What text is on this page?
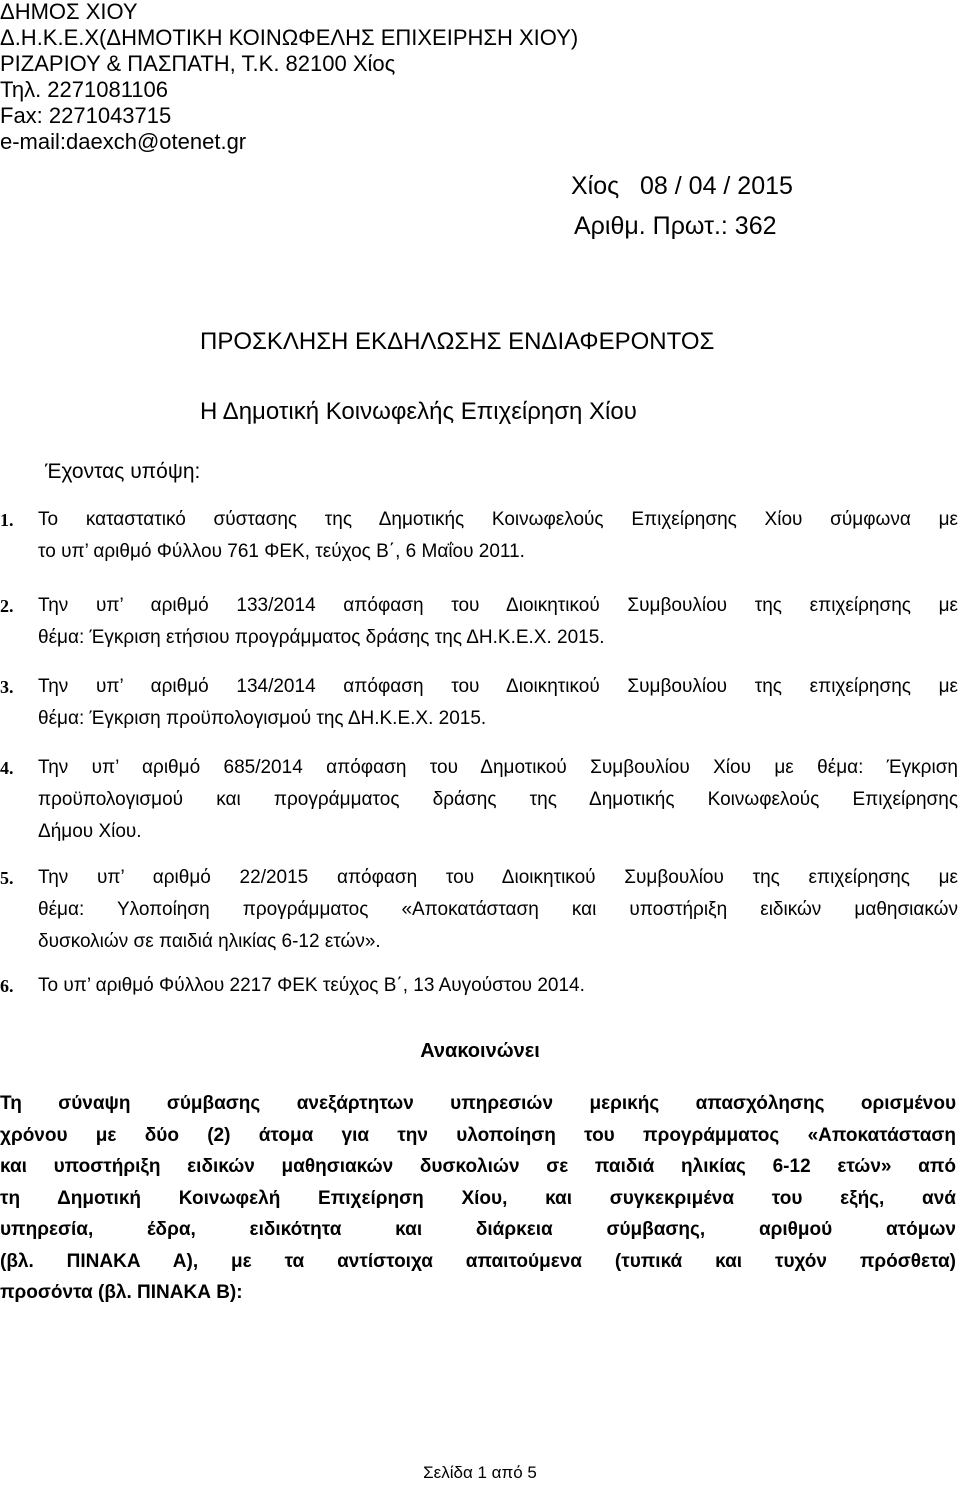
ΔΗΜΟΣ ΧΙΟΥ
Δ.Η.Κ.Ε.Χ(ΔΗΜΟΤΙΚΗ ΚΟΙΝΩΦΕΛΗΣ ΕΠΙΧΕΙΡΗΣΗ ΧΙΟΥ)
ΡΙΖΑΡΙΟΥ & ΠΑΣΠΑΤΗ, Τ.Κ. 82100 Χίος
Τηλ. 2271081106
Fax: 2271043715
e-mail:daexch@otenet.gr
Χίος   08 / 04 / 2015
Αριθμ. Πρωτ.: 362
ΠΡΟΣΚΛΗΣΗ ΕΚΔΗΛΩΣΗΣ ΕΝΔΙΑΦΕΡΟΝΤΟΣ
Η Δημοτική Κοινωφελής Επιχείρηση Χίου
Έχοντας υπόψη:
1. Το καταστατικό σύστασης της Δημοτικής Κοινωφελούς Επιχείρησης Χίου σύμφωνα με
το υπ’ αριθμό Φύλλου 761 ΦΕΚ, τεύχος Β΄, 6 Μαΐου 2011.
2. Την υπ’ αριθμό 133/2014 απόφαση του Διοικητικού Συμβουλίου της επιχείρησης με
θέμα: Έγκριση ετήσιου προγράμματος δράσης της ΔΗ.Κ.Ε.Χ. 2015.
3. Την υπ’ αριθμό 134/2014 απόφαση του Διοικητικού Συμβουλίου της επιχείρησης με
θέμα: Έγκριση προϋπολογισμού της ΔΗ.Κ.Ε.Χ. 2015.
4. Την υπ’ αριθμό 685/2014 απόφαση του Δημοτικού Συμβουλίου Χίου με θέμα: Έγκριση
προϋπολογισμού και προγράμματος δράσης της Δημοτικής Κοινωφελούς Επιχείρησης
Δήμου Χίου.
5. Την υπ’ αριθμό 22/2015 απόφαση του Διοικητικού Συμβουλίου της επιχείρησης με
θέμα: Υλοποίηση προγράμματος «Αποκατάσταση και υποστήριξη ειδικών μαθησιακών
δυσκολιών σε παιδιά ηλικίας 6-12 ετών».
6. Το υπ’ αριθμό Φύλλου 2217 ΦΕΚ τεύχος Β΄, 13 Αυγούστου 2014.
Ανακοινώνει
Τη σύναψη σύμβασης ανεξάρτητων υπηρεσιών μερικής απασχόλησης ορισμένου
χρόνου με δύο (2) άτομα για την υλοποίηση του προγράμματος «Αποκατάσταση
και υποστήριξη ειδικών μαθησιακών δυσκολιών σε παιδιά ηλικίας 6-12 ετών» από
τη Δημοτική Κοινωφελή Επιχείρηση Χίου, και συγκεκριμένα του εξής, ανά
υπηρεσία, έδρα, ειδικότητα και διάρκεια σύμβασης, αριθμού ατόμων
(βλ. ΠΙΝΑΚΑ Α), με τα αντίστοιχα απαιτούμενα (τυπικά και τυχόν πρόσθετα)
προσόντα (βλ. ΠΙΝΑΚΑ Β):
Σελίδα 1 από 5
